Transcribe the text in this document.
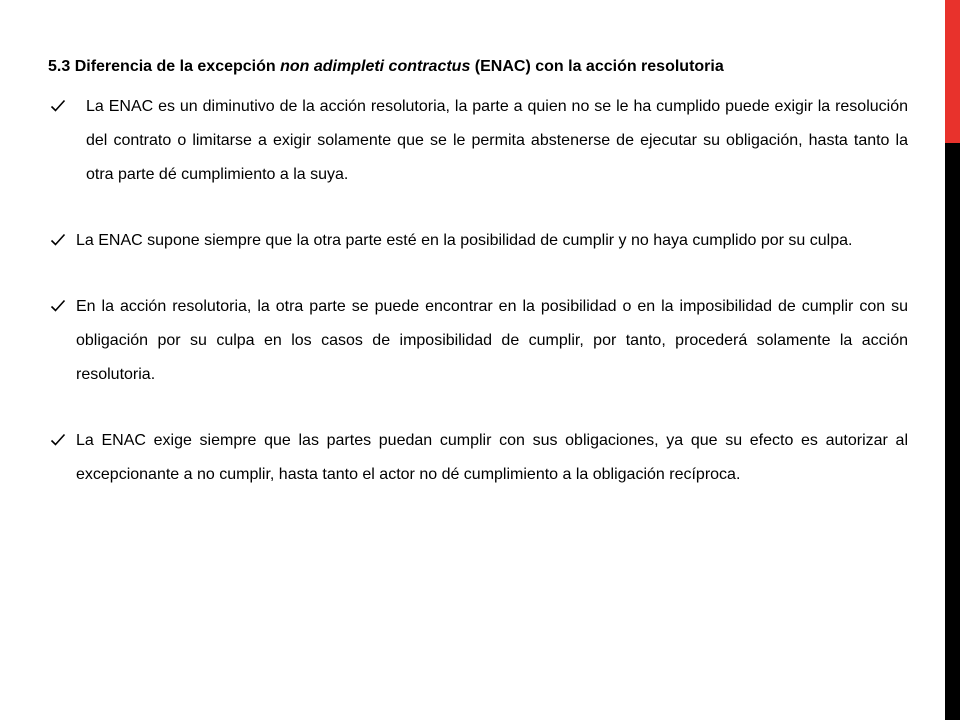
5.3 Diferencia de la excepción non adimpleti contractus (ENAC) con la acción resolutoria

La ENAC es un diminutivo de la acción resolutoria, la parte a quien no se le ha cumplido puede exigir la resolución del contrato o limitarse a exigir solamente que se le permita abstenerse de ejecutar su obligación, hasta tanto la otra parte dé cumplimiento a la suya.
La ENAC supone siempre que la otra parte esté en la posibilidad de cumplir y no haya cumplido por su culpa.
En la acción resolutoria, la otra parte se puede encontrar en la posibilidad o en la imposibilidad de cumplir con su obligación por su culpa en los casos de imposibilidad de cumplir, por tanto, procederá solamente la acción resolutoria.
La ENAC exige siempre que las partes puedan cumplir con sus obligaciones, ya que su efecto es autorizar al excepcionante a no cumplir, hasta tanto el actor no dé cumplimiento a la obligación recíproca.
